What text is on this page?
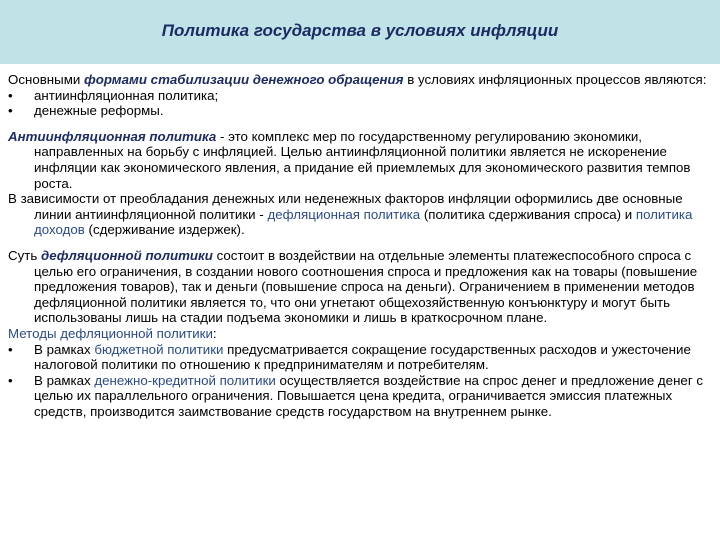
Политика государства в условиях инфляции

Основными формами стабилизации денежного обращения в условиях инфляционных процессов являются:

•	антиинфляционная политика;
•	денежные реформы.

Антиинфляционная политика - это комплекс мер по государственному регулированию экономики, направленных на борьбу с инфляцией. Целью антиинфляционной политики является не искоренение инфляции как экономического явления, а придание ей приемлемых для экономического развития темпов роста.

В зависимости от преобладания денежных или неденежных факторов инфляции оформились две основные линии антиинфляционной политики - дефляционная политика (политика сдерживания спроса) и политика доходов (сдерживание издержек).

Суть дефляционной политики состоит в воздействии на отдельные элементы платежеспособного спроса с целью его ограничения, в создании нового соотношения спроса и предложения как на товары (повышение предложения товаров), так и деньги (повышение спроса на деньги). Ограничением в применении методов дефляционной политики является то, что они угнетают общехозяйственную конъюнктуру и могут быть использованы лишь на стадии подъема экономики и лишь в краткосрочном плане.

Методы дефляционной политики:

•	В рамках бюджетной политики предусматривается сокращение государственных расходов и ужесточение налоговой политики по отношению к предпринимателям и потребителям.
•	В рамках денежно-кредитной политики осуществляется воздействие на спрос денег и предложение денег с целью их параллельного ограничения. Повышается цена кредита, ограничивается эмиссия платежных средств, производится заимствование средств государством на внутреннем рынке.
